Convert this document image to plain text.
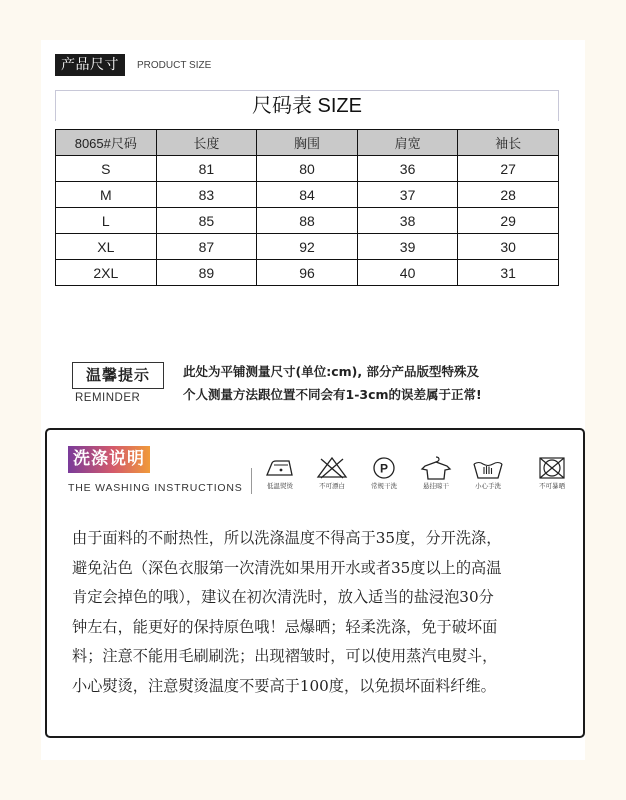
产品尺寸	PRODUCT SIZE
尺码表 SIZE
8065#尺码	长度	胸围	肩宽	袖长
S	81	80	36	27
M	83	84	37	28
L	85	88	38	29
XL	87	92	39	30
2XL	89	96	40	31
温馨提示
REMINDER
此处为平铺测量尺寸(单位:cm), 部分产品版型特殊及
个人测量方法跟位置不同会有1-3cm的误差属于正常!
洗涤说明
THE WASHING INSTRUCTIONS	低温熨烫	不可漂白
P
常规干洗	悬挂晾干	小心手洗	不可暴晒
由于面料的不耐热性，所以洗涤温度不得高于35度，分开洗涤，
避免沾色（深色衣服第一次清洗如果用开水或者35度以上的高温
肯定会掉色的哦），建议在初次清洗时，放入适当的盐浸泡30分
钟左右，能更好的保持原色哦！忌爆晒；轻柔洗涤，免于破坏面
料；注意不能用毛刷刷洗；出现褶皱时，可以使用蒸汽电熨斗，
小心熨烫，注意熨烫温度不要高于100度，以免损坏面料纤维。
